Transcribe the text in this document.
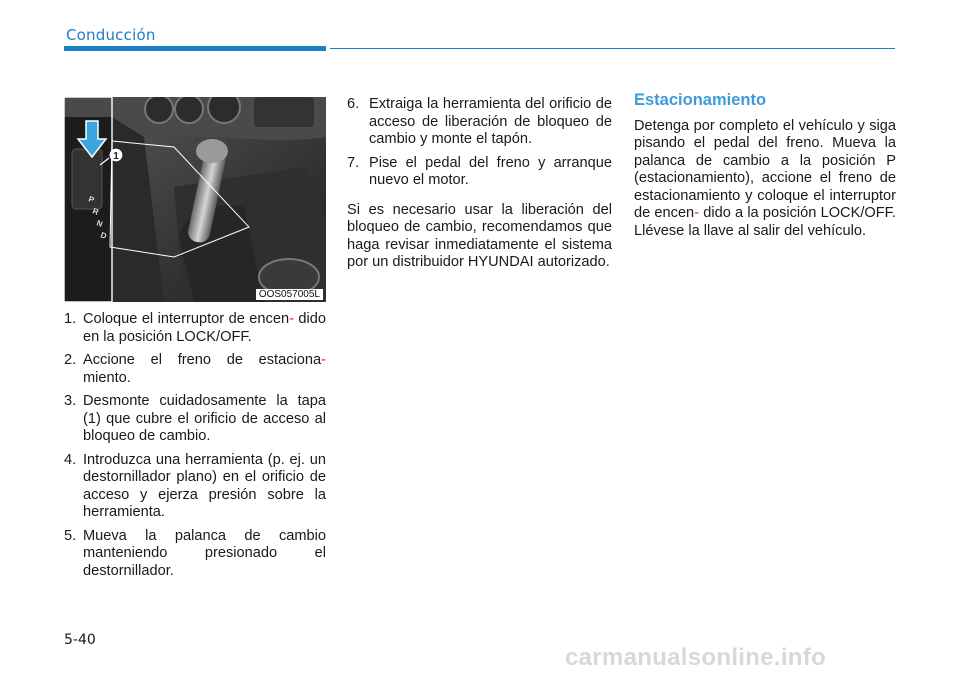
Conducción
1
P
R
N
D
OOS057005L
1. Coloque el interruptor de encen- dido en la posición LOCK/OFF.
2. Accione el freno de estaciona- miento.
3. Desmonte cuidadosamente la tapa (1) que cubre el orificio de acceso al bloqueo de cambio.
4. Introduzca una herramienta (p. ej. un destornillador plano) en el orificio de acceso y ejerza presión sobre la herramienta.
5. Mueva la palanca de cambio manteniendo presionado el destornillador.
6. Extraiga la herramienta del orificio de acceso de liberación de bloqueo de cambio y monte el tapón.
7. Pise el pedal del freno y arranque nuevo el motor.

Si es necesario usar la liberación del bloqueo de cambio, recomendamos que haga revisar inmediatamente el sistema por un distribuidor HYUNDAI autorizado.

Estacionamiento

Detenga por completo el vehículo y siga pisando el pedal del freno. Mueva la palanca de cambio a la posición P (estacionamiento), accione el freno de estacionamiento y coloque el interruptor de encen- dido a la posición LOCK/OFF. Llévese la llave al salir del vehículo.

5-40
carmanualsonline.info
